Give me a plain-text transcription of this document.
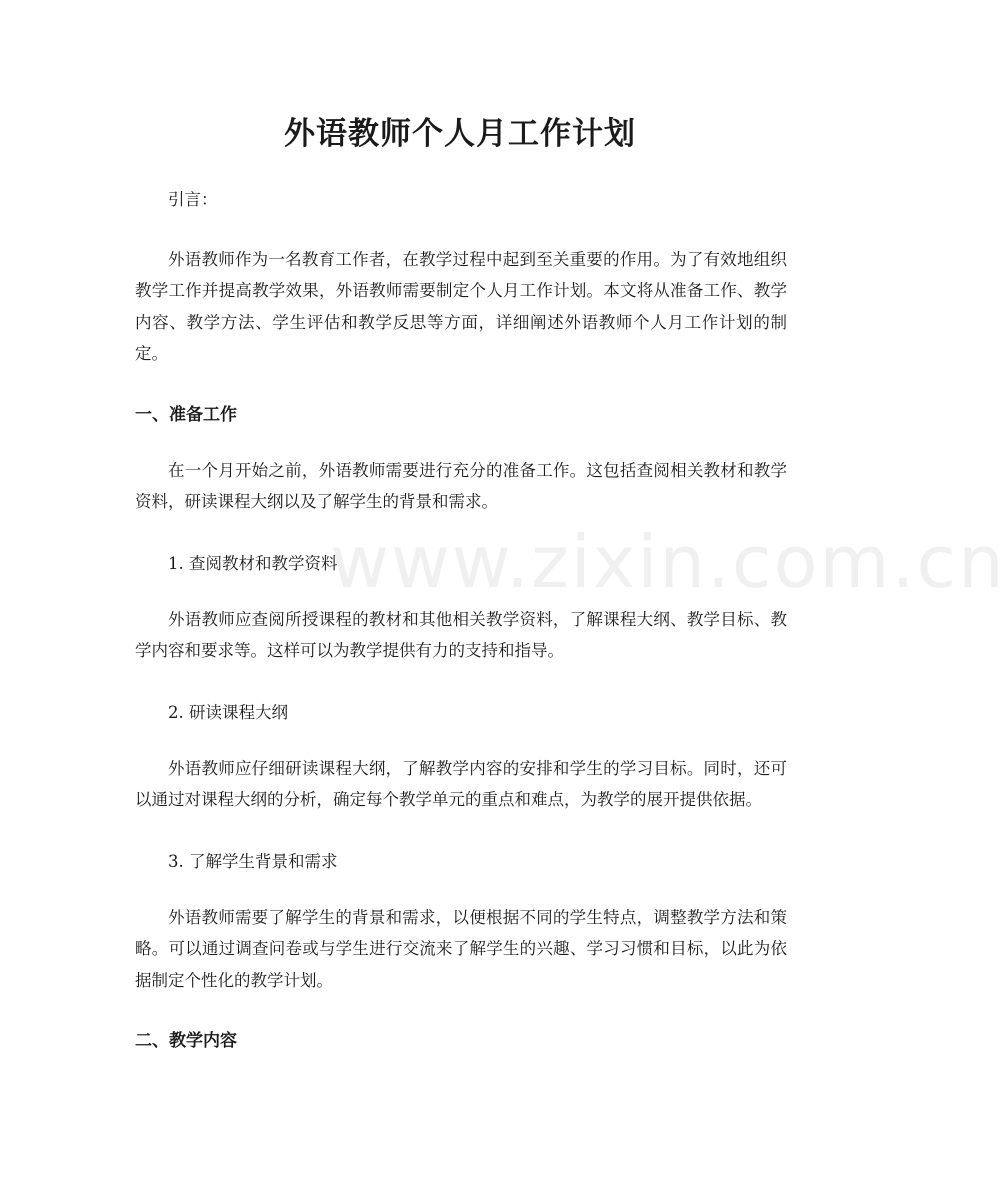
www.zixin.com.cn
外语教师个人月工作计划

引言：

外语教师作为一名教育工作者，在教学过程中起到至关重要的作用。为了有效地组织教学工作并提高教学效果，外语教师需要制定个人月工作计划。本文将从准备工作、教学内容、教学方法、学生评估和教学反思等方面，详细阐述外语教师个人月工作计划的制定。

一、准备工作

在一个月开始之前，外语教师需要进行充分的准备工作。这包括查阅相关教材和教学资料，研读课程大纲以及了解学生的背景和需求。

1. 查阅教材和教学资料

外语教师应查阅所授课程的教材和其他相关教学资料，了解课程大纲、教学目标、教学内容和要求等。这样可以为教学提供有力的支持和指导。

2. 研读课程大纲

外语教师应仔细研读课程大纲，了解教学内容的安排和学生的学习目标。同时，还可以通过对课程大纲的分析，确定每个教学单元的重点和难点，为教学的展开提供依据。

3. 了解学生背景和需求

外语教师需要了解学生的背景和需求，以便根据不同的学生特点，调整教学方法和策略。可以通过调查问卷或与学生进行交流来了解学生的兴趣、学习习惯和目标，以此为依据制定个性化的教学计划。

二、教学内容
